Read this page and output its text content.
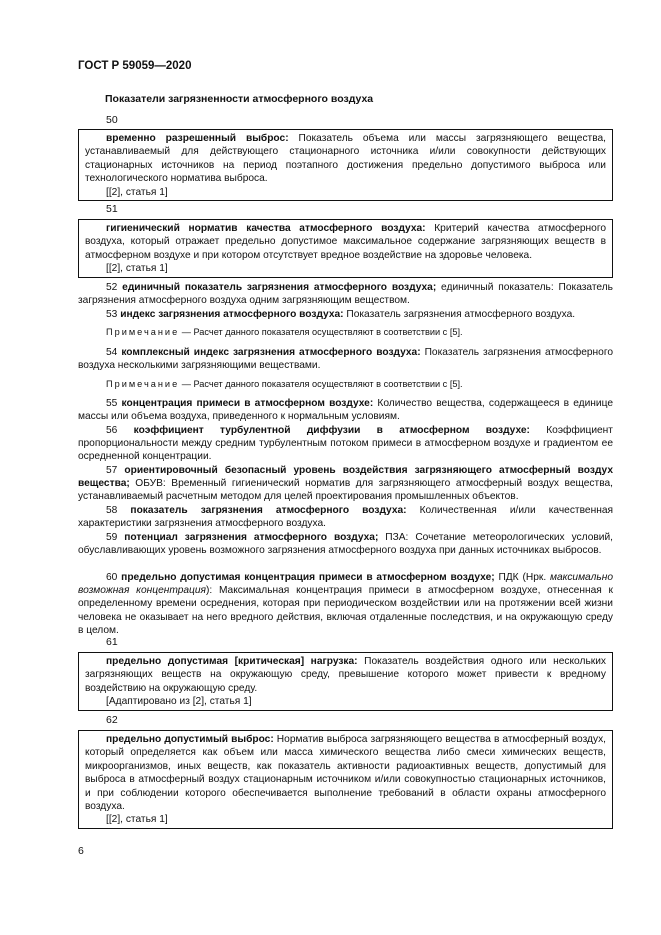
ГОСТ Р 59059—2020
Показатели загрязненности атмосферного воздуха
50
временно разрешенный выброс: Показатель объема или массы загрязняющего вещества, устанавливаемый для действующего стационарного источника и/или совокупности действующих стационарных источников на период поэтапного достижения предельно допустимого выброса или технологического норматива выброса.
[[2], статья 1]
51
гигиенический норматив качества атмосферного воздуха: Критерий качества атмосферного воздуха, который отражает предельно допустимое максимальное содержание загрязняющих веществ в атмосферном воздухе и при котором отсутствует вредное воздействие на здоровье человека.
[[2], статья 1]
52 единичный показатель загрязнения атмосферного воздуха; единичный показатель: Показатель загрязнения атмосферного воздуха одним загрязняющим веществом.
53 индекс загрязнения атмосферного воздуха: Показатель загрязнения атмосферного воздуха.
Примечание — Расчет данного показателя осуществляют в соответствии с [5].
54 комплексный индекс загрязнения атмосферного воздуха: Показатель загрязнения атмосферного воздуха несколькими загрязняющими веществами.
Примечание — Расчет данного показателя осуществляют в соответствии с [5].
55 концентрация примеси в атмосферном воздухе: Количество вещества, содержащееся в единице массы или объема воздуха, приведенного к нормальным условиям.
56 коэффициент турбулентной диффузии в атмосферном воздухе: Коэффициент пропорциональности между средним турбулентным потоком примеси в атмосферном воздухе и градиентом ее осредненной концентрации.
57 ориентировочный безопасный уровень воздействия загрязняющего атмосферный воздух вещества; ОБУВ: Временный гигиенический норматив для загрязняющего атмосферный воздух вещества, устанавливаемый расчетным методом для целей проектирования промышленных объектов.
58 показатель загрязнения атмосферного воздуха: Количественная и/или качественная характеристики загрязнения атмосферного воздуха.
59 потенциал загрязнения атмосферного воздуха; ПЗА: Сочетание метеорологических условий, обуславливающих уровень возможного загрязнения атмосферного воздуха при данных источниках выбросов.
60 предельно допустимая концентрация примеси в атмосферном воздухе; ПДК (Нрк. максимально возможная концентрация): Максимальная концентрация примеси в атмосферном воздухе, отнесенная к определенному времени осреднения, которая при периодическом воздействии или на протяжении всей жизни человека не оказывает на него вредного действия, включая отдаленные последствия, и на окружающую среду в целом.
61
предельно допустимая [критическая] нагрузка: Показатель воздействия одного или нескольких загрязняющих веществ на окружающую среду, превышение которого может привести к вредному воздействию на окружающую среду.
[Адаптировано из [2], статья 1]
62
предельно допустимый выброс: Норматив выброса загрязняющего вещества в атмосферный воздух, который определяется как объем или масса химического вещества либо смеси химических веществ, микроорганизмов, иных веществ, как показатель активности радиоактивных веществ, допустимый для выброса в атмосферный воздух стационарным источником и/или совокупностью стационарных источников, и при соблюдении которого обеспечивается выполнение требований в области охраны атмосферного воздуха.
[[2], статья 1]
6
